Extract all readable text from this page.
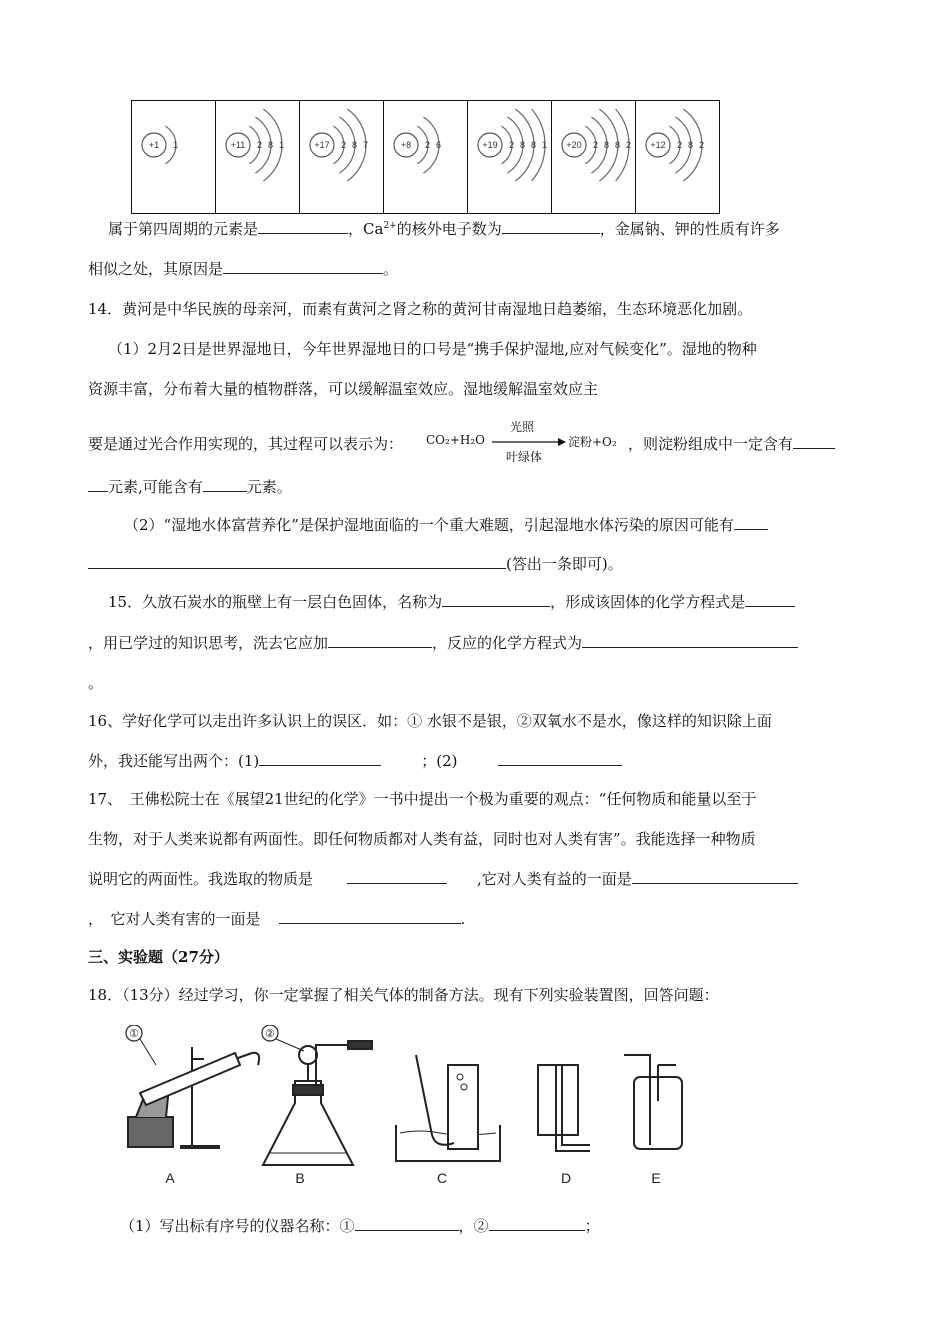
+1 1	+11 2 8 1	+17 2 8 7	+8 2 6	+19 2 8 8 1	+20 2 8 8 2	+12 2 8 2
属于第四周期的元素是	，$Ca^{2+}$的核外电子数为	，金属钠、钾的性质有许多
相似之处，其原因是	。
14．黄河是中华民族的母亲河，而素有黄河之肾之称的黄河甘南湿地日趋萎缩，生态环境恶化加剧。
（1）2月2日是世界湿地日，今年世界湿地日的口号是“携手保护湿地,应对气候变化”。湿地的物种
资源丰富，分布着大量的植物群落，可以缓解温室效应。湿地缓解温室效应主
要是通过光合作用实现的，其过程可以表示为： CO₂+H₂O
光照
叶绿体
淀粉+O₂ ，则淀粉组成中一定含有
元素,可能含有	元素。
（2）“湿地水体富营养化”是保护湿地面临的一个重大难题，引起湿地水体污染的原因可能有
(答出一条即可)。
15．久放石炭水的瓶壁上有一层白色固体，名称为	，形成该固体的化学方程式是
，用已学过的知识思考，洗去它应加	，反应的化学方程式为
。
16、学好化学可以走出许多认识上的误区．如：① 水银不是银，②双氧水不是水，像这样的知识除上面
外，我还能写出两个：(1)	；(2)
17、　王佛松院士在《展望21世纪的化学》一书中提出一个极为重要的观点：“任何物质和能量以至于
生物，对于人类来说都有两面性。即任何物质都对人类有益，同时也对人类有害”。我能选择一种物质
说明它的两面性。我选取的物质是	,它对人类有益的一面是
，　它对人类有害的一面是	.
三、实验题（27分）
18．（13分）经过学习，你一定掌握了相关气体的制备方法。现有下列实验装置图，回答问题：
A	B	C	D	E
①	②
（1）写出标有序号的仪器名称：①	，②	；
